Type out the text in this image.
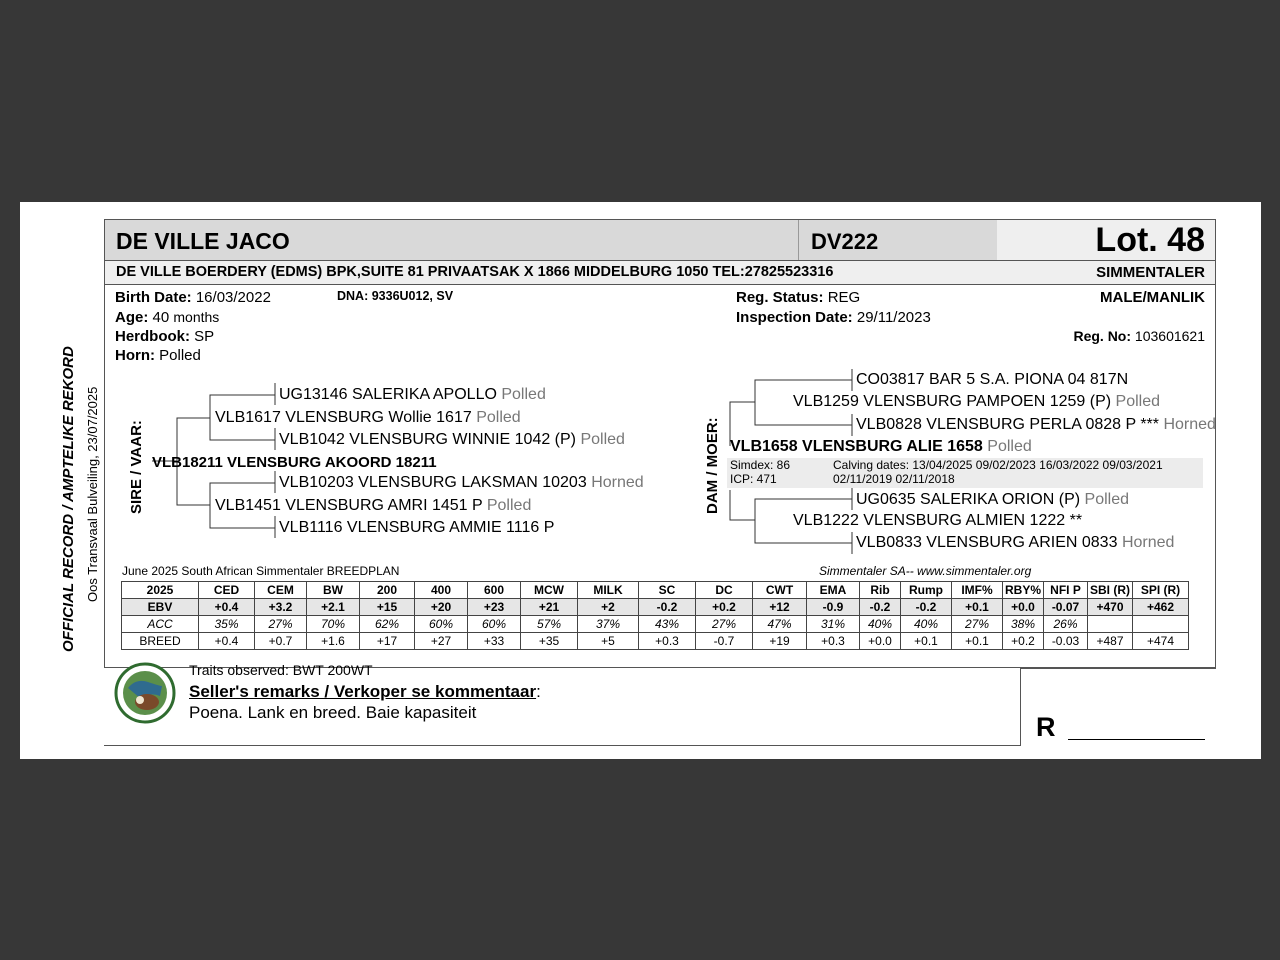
OFFICIAL RECORD / AMPTELIKE REKORD Oos Transvaal Bulveiling, 23/07/2025
DE VILLE JACO	DV222	Lot. 48
DE VILLE BOERDERY (EDMS) BPK,SUITE 81 PRIVAATSAK X 1866 MIDDELBURG 1050 TEL:27825523316	SIMMENTALER
Birth Date: 16/03/2022	DNA: 9336U012, SV
Age: 40 months
Herdbook: SP
Horn: Polled
Reg. Status: REG
Inspection Date: 29/11/2023
MALE/MANLIK
Reg. No: 103601621
SIRE / VAAR:
UG13146 SALERIKA APOLLO Polled
VLB1617 VLENSBURG Wollie 1617 Polled
VLB1042 VLENSBURG WINNIE 1042 (P) Polled
VLB18211 VLENSBURG AKOORD 18211
VLB10203 VLENSBURG LAKSMAN 10203 Horned
VLB1451 VLENSBURG AMRI 1451 P Polled
VLB1116 VLENSBURG AMMIE 1116 P
DAM / MOER:
CO03817 BAR 5 S.A. PIONA 04 817N
VLB1259 VLENSBURG PAMPOEN 1259 (P) Polled
VLB0828 VLENSBURG PERLA 0828 P *** Horned
VLB1658 VLENSBURG ALIE 1658 Polled
Simdex: 86
ICP: 471
Calving dates: 13/04/2025 09/02/2023 16/03/2022 09/03/2021
02/11/2019 02/11/2018
UG0635 SALERIKA ORION (P) Polled
VLB1222 VLENSBURG ALMIEN 1222 **
VLB0833 VLENSBURG ARIEN 0833 Horned
June 2025 South African Simmentaler BREEDPLAN	Simmentaler SA-- www.simmentaler.org
2025	CED	CEM	BW	200	400	600	MCW	MILK	SC	DC	CWT	EMA	Rib	Rump	IMF%	RBY%	NFI P	SBI (R)	SPI (R)
EBV	+0.4	+3.2	+2.1	+15	+20	+23	+21	+2	-0.2	+0.2	+12	-0.9	-0.2	-0.2	+0.1	+0.0	-0.07	+470	+462
ACC	35%	27%	70%	62%	60%	60%	57%	37%	43%	27%	47%	31%	40%	40%	27%	38%	26%		
BREED	+0.4	+0.7	+1.6	+17	+27	+33	+35	+5	+0.3	-0.7	+19	+0.3	+0.0	+0.1	+0.1	+0.2	-0.03	+487	+474
Traits observed: BWT 200WT
Seller's remarks / Verkoper se kommentaar:
Poena. Lank en breed. Baie kapasiteit	R
